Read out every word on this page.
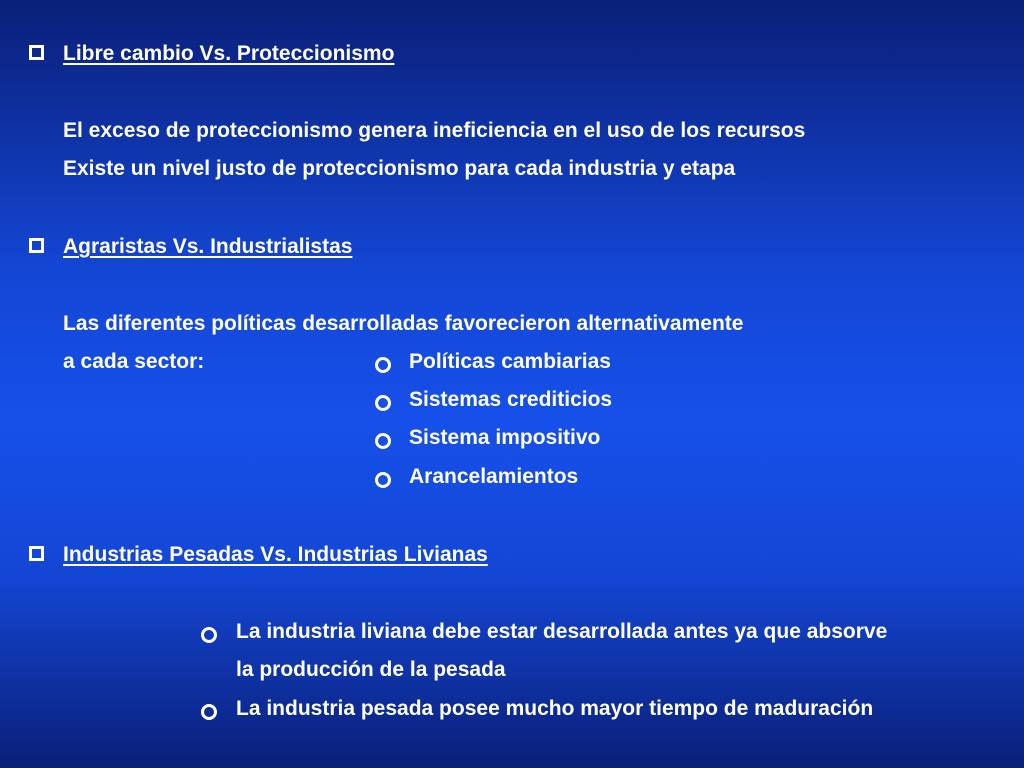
Libre cambio Vs. Proteccionismo
El exceso de proteccionismo genera ineficiencia en el uso de los recursos
Existe un nivel justo de proteccionismo para cada industria y etapa
Agraristas Vs. Industrialistas
Las diferentes políticas desarrolladas favorecieron alternativamente
a cada sector:	Políticas cambiarias
Sistemas crediticios
Sistema impositivo
Arancelamientos
Industrias Pesadas Vs. Industrias Livianas
La industria liviana debe estar desarrollada antes ya que absorve
la producción de la pesada
La industria pesada posee mucho mayor tiempo de maduración
